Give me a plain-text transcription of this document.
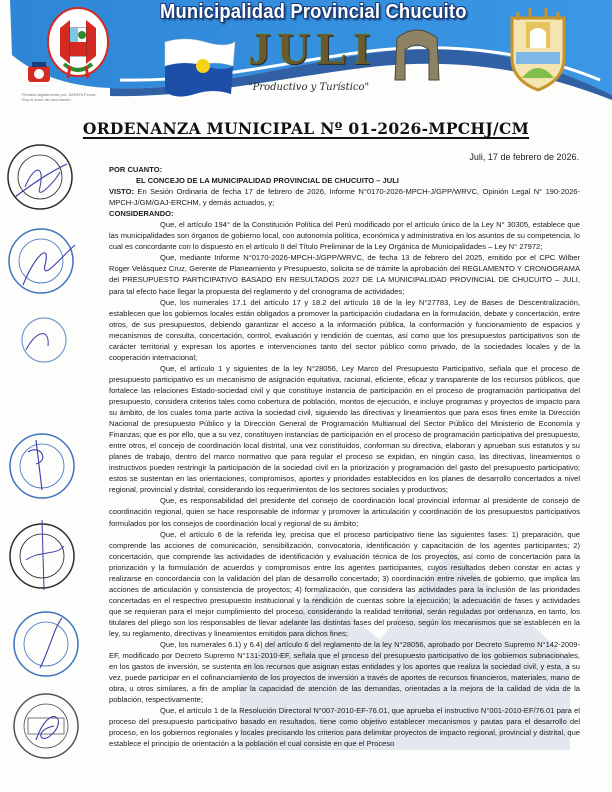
Municipalidad Provincial Chucuito
JULI
"Productivo y Turístico"
Firmado digitalmente por: ZAPATA Fecha: Soy el autor del documento
ORDENANZA MUNICIPAL Nº 01-2026-MPCHJ/CM
Juli, 17 de febrero de 2026.

POR CUANTO:

EL CONCEJO DE LA MUNICIPALIDAD PROVINCIAL DE CHUCUITO – JULI

VISTO: En Sesión Ordinaria de fecha 17 de febrero de 2026, Informe N°0170-2026-MPCH-J/GPP/WRVC, Opinión Legal N° 190-2026-MPCH-J/GM/GAJ-ERCHM, y demás actuados, y;

CONSIDERANDO:

Que, el artículo 194° de la Constitución Política del Perú modificado por el artículo único de la Ley N° 30305, establece que las municipalidades son órganos de gobierno local, con autonomía política, económica y administrativa en los asuntos de su competencia, lo cual es concordante con lo dispuesto en el artículo II del Título Preliminar de la Ley Orgánica de Municipalidades – Ley N° 27972;

Que, mediante Informe N°0170-2026-MPCH-J/GPP/WRVC, de fecha 13 de febrero del 2025, emitido por el CPC Wilber Roger Velásquez Cruz, Gerente de Planeamiento y Presupuesto, solicita se dé trámite la aprobación del REGLAMENTO Y CRONOGRAMA del PRESUPUESTO PARTICIPATIVO BASADO EN RESULTADOS 2027 DE LA MUNICIPALIDAD PROVINCIAL DE CHUCUITO – JULI, para tal efecto hace llegar la propuesta del reglamento y del cronograma de actividades;

Que, los numerales 17.1 del artículo 17 y 18.2 del artículo 18 de la ley N°27783, Ley de Bases de Descentralización, establecen que los gobiernos locales están obligados a promover la participación ciudadana en la formulación, debate y concertación, entre otros, de sus presupuestos, debiendo garantizar el acceso a la información pública, la conformación y funcionamiento de espacios y mecanismos de consulta, concertación, control, evaluación y rendición de cuentas, así como que los presupuestos participativos son de carácter territorial y expresan los aportes e intervenciones tanto del sector público como privado, de la sociedades locales y de la cooperación internacional;

Que, el artículo 1 y siguientes de la ley N°28056, Ley Marco del Presupuesto Participativo, señala que el proceso de presupuesto participativo es un mecanismo de asignación equitativa, racional, eficiente, eficaz y transparente de los recursos públicos, que fortalece las relaciones Estado-sociedad civil y que constituye instancia de participación en el proceso de programación participativa del presupuesto, considera criterios tales como cobertura de población, montos de ejecución, e incluye programas y proyectos de impacto para su ámbito, de los cuales toma parte activa la sociedad civil, siguiendo las directivas y lineamientos que para esos fines emite la Dirección Nacional de presupuesto Público y la Dirección General de Programación Multianual del Sector Público del Ministerio de Economía y Finanzas; que es por ello, que a su vez, constituyen instancias de participación en el proceso de programación participativa del presupuesto, entre otros, el concejo de coordinación local distrital, una vez constituidos, conforman su directiva, elaboran y aprueban sus estatutos y su planes de trabajo, dentro del marco normativo que para regular el proceso se expidan, en ningún caso, las directivas, lineamientos o instructivos pueden restringir la participación de la sociedad civil en la priorización y programación del gasto del presupuesto participativo; estos se sustentan en las orientaciones, compromisos, aportes y prioridades establecidos en los planes de desarrollo concertados a nivel regional, provincial y distrital, considerando los requerimientos de los sectores sociales y productivos;

Que, es responsabilidad del presidente del consejo de coordinación local provincial informar al presidente de consejo de coordinación regional, quien se hace responsable de informar y promover la articulación y coordinación de los presupuestos participativos formulados por los consejos de coordinación local y regional de su ámbito;

Que, el artículo 6 de la referida ley, precisa que el proceso participativo tiene las siguientes fases: 1) preparación, que comprende las acciones de comunicación, sensibilización, convocatoria, identificación y capacitación de los agentes participantes; 2) concertación, que comprende las actividades de identificación y evaluación técnica de los proyectos, así como de concertación para la priorización y la formulación de acuerdos y compromisos entre los agentes participantes, cuyos resultados deben constar en actas y realizarse en concordancia con la validación del plan de desarrollo concertado; 3) coordinación entre niveles de gobierno, que implica las acciones de articulación y consistencia de proyectos; 4) formalización, que considera las actividades para la inclusión de las prioridades concertadas en el respectivo presupuesto institucional y la rendición de cuentas sobre la ejecución; la adecuación de fases y actividades que se requieran para el mejor cumplimiento del proceso, considerando la realidad territorial, serán reguladas por ordenanza, en tanto, los titulares del pliego son los responsables de llevar adelante las distintas fases del proceso, según los mecanismos que se establecen en la ley, su reglamento, directivas y lineamientos emitidos para dichos fines;

Que, los numerales 6.1) y 6.4) del artículo 6 del reglamento de la ley N°28056, aprobado por Decreto Supremo N°142-2009-EF, modificado por Decreto Supremo N°131-2010-EF, señala que el proceso del presupuesto participativo de los gobiernos subnacionales, en los gastos de inversión, se sustenta en los recursos que asignan estas entidades y los aportes que realiza la sociedad civil, y esta, a su vez, puede participar en el cofinanciamiento de los proyectos de inversión a través de aportes de recursos financieros, materiales, mano de obra, u otros similares, a fin de ampliar la capacidad de atención de las demandas, orientadas a la mejora de la calidad de vida de la población, respectivamente;

Que, el artículo 1 de la Resolución Directoral N°007-2010-EF-76.01, que aprueba el instructivo N°001-2010-EF/76.01 para el proceso del presupuesto participativo basado en resultados, tiene como objetivo establecer mecanismos y pautas para el desarrollo del proceso, en los gobiernos regionales y locales precisando los criterios para delimitar proyectos de impacto regional, provincial y distrital, que establece el principio de orientación a la población el cual consiste en que el Proceso
